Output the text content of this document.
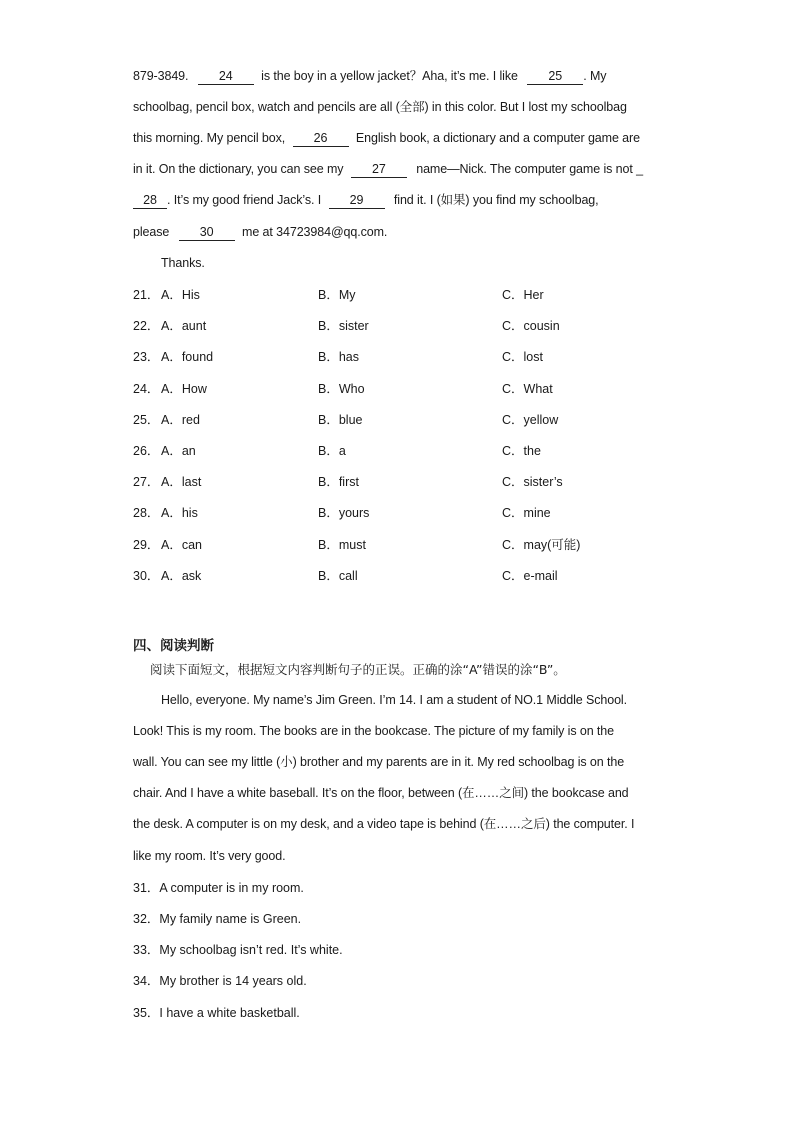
879-3849. 24 is the boy in a yellow jacket？Aha, it’s me. I like 25 . My
schoolbag, pencil box, watch and pencils are all (全部) in this color. But I lost my schoolbag
this morning. My pencil box, 26 English book, a dictionary and a computer game are
in it. On the dictionary, you can see my 27 name—Nick. The computer game is not _
28 . It’s my good friend Jack’s. I 29 find it. I (如果) you find my schoolbag,
please 30 me at 34723984@qq.com.
Thanks.
21． A．His	B．My	C．Her
22． A．aunt	B．sister	C．cousin
23． A．found	B．has	C．lost
24． A．How	B．Who	C．What
25． A．red	B．blue	C．yellow
26． A．an	B．a	C．the
27． A．last	B．first	C．sister’s
28． A．his	B．yours	C．mine
29． A．can	B．must	C．may(可能)
30． A．ask	B．call	C．e-mail
四、阅读判断
阅读下面短文，根据短文内容判断句子的正误。正确的涂“A”错误的涂“B”。
Hello, everyone. My name’s Jim Green. I’m 14. I am a student of NO.1 Middle School.
Look! This is my room. The books are in the bookcase. The picture of my family is on the
wall. You can see my little (小) brother and my parents are in it. My red schoolbag is on the
chair. And I have a white baseball. It’s on the floor, between (在……之间) the bookcase and
the desk. A computer is on my desk, and a video tape is behind (在……之后) the computer. I
like my room. It’s very good.
31．A computer is in my room.
32．My family name is Green.
33．My schoolbag isn’t red. It’s white.
34．My brother is 14 years old.
35．I have a white basketball.
